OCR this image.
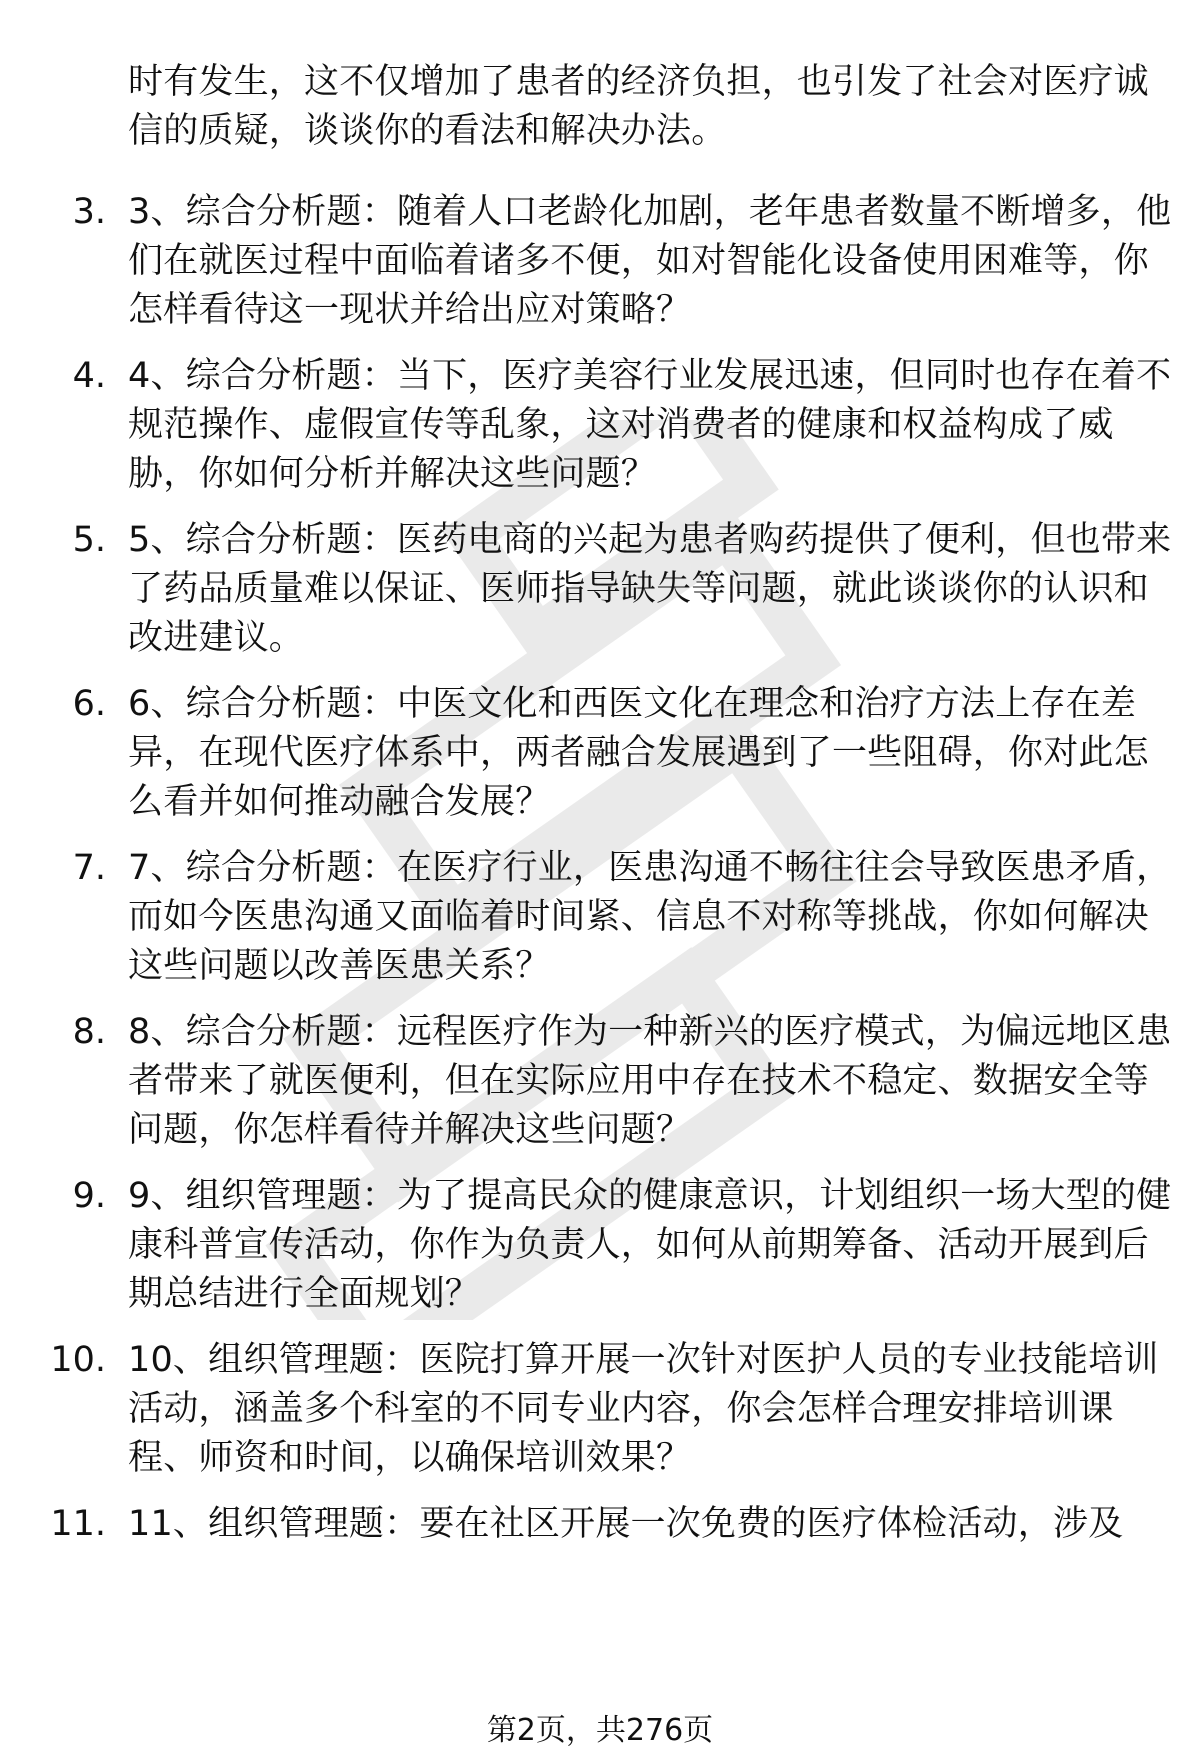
时有发生，这不仅增加了患者的经济负担，也引发了社会对医疗诚信的质疑，谈谈你的看法和解决办法。
3. 3、综合分析题：随着人口老龄化加剧，老年患者数量不断增多，他们在就医过程中面临着诸多不便，如对智能化设备使用困难等，你怎样看待这一现状并给出应对策略？
4. 4、综合分析题：当下，医疗美容行业发展迅速，但同时也存在着不规范操作、虚假宣传等乱象，这对消费者的健康和权益构成了威胁，你如何分析并解决这些问题？
5. 5、综合分析题：医药电商的兴起为患者购药提供了便利，但也带来了药品质量难以保证、医师指导缺失等问题，就此谈谈你的认识和改进建议。
6. 6、综合分析题：中医文化和西医文化在理念和治疗方法上存在差异，在现代医疗体系中，两者融合发展遇到了一些阻碍，你对此怎么看并如何推动融合发展？
7. 7、综合分析题：在医疗行业，医患沟通不畅往往会导致医患矛盾，而如今医患沟通又面临着时间紧、信息不对称等挑战，你如何解决这些问题以改善医患关系？
8. 8、综合分析题：远程医疗作为一种新兴的医疗模式，为偏远地区患者带来了就医便利，但在实际应用中存在技术不稳定、数据安全等问题，你怎样看待并解决这些问题？
9. 9、组织管理题：为了提高民众的健康意识，计划组织一场大型的健康科普宣传活动，你作为负责人，如何从前期筹备、活动开展到后期总结进行全面规划？
10. 10、组织管理题：医院打算开展一次针对医护人员的专业技能培训活动，涵盖多个科室的不同专业内容，你会怎样合理安排培训课程、师资和时间，以确保培训效果？
11. 11、组织管理题：要在社区开展一次免费的医疗体检活动，涉及
第2页，共276页
